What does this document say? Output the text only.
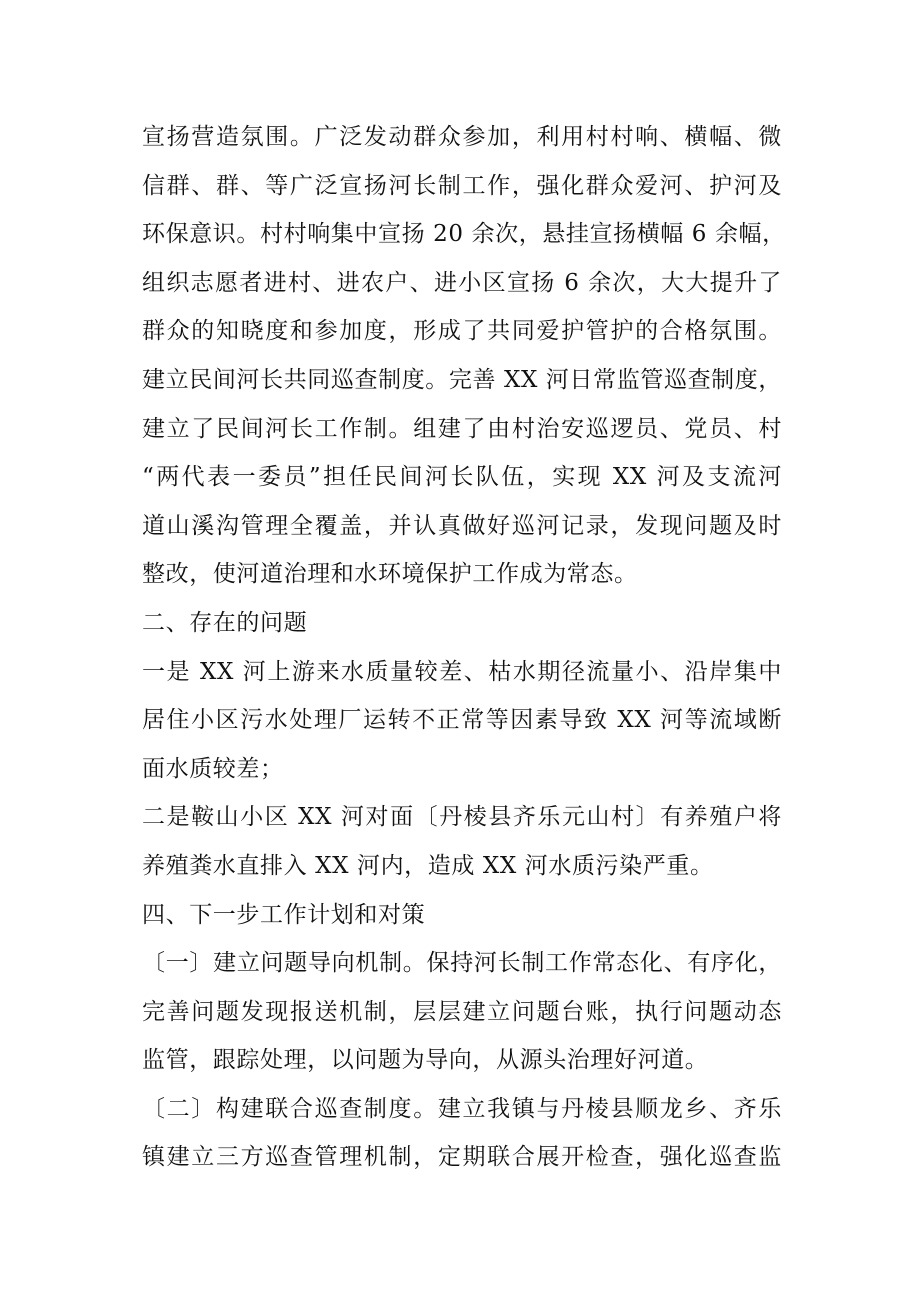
宣扬营造氛围。广泛发动群众参加，利用村村响、横幅、微
信群、群、等广泛宣扬河长制工作，强化群众爱河、护河及
环保意识。村村响集中宣扬 20 余次，悬挂宣扬横幅 6 余幅，
组织志愿者进村、进农户、进小区宣扬 6 余次，大大提升了
群众的知晓度和参加度，形成了共同爱护管护的合格氛围。
建立民间河长共同巡查制度。完善 XX 河日常监管巡查制度，
建立了民间河长工作制。组建了由村治安巡逻员、党员、村
“两代表一委员”担任民间河长队伍，实现 XX 河及支流河
道山溪沟管理全覆盖，并认真做好巡河记录，发现问题及时
整改，使河道治理和水环境保护工作成为常态。
二、存在的问题
一是 XX 河上游来水质量较差、枯水期径流量小、沿岸集中
居住小区污水处理厂运转不正常等因素导致 XX 河等流域断
面水质较差；
二是鞍山小区 XX 河对面〔丹棱县齐乐元山村〕有养殖户将
养殖粪水直排入 XX 河内，造成 XX 河水质污染严重。
四、下一步工作计划和对策
〔一〕建立问题导向机制。保持河长制工作常态化、有序化，
完善问题发现报送机制，层层建立问题台账，执行问题动态
监管，跟踪处理，以问题为导向，从源头治理好河道。
〔二〕构建联合巡查制度。建立我镇与丹棱县顺龙乡、齐乐
镇建立三方巡查管理机制，定期联合展开检查，强化巡查监
